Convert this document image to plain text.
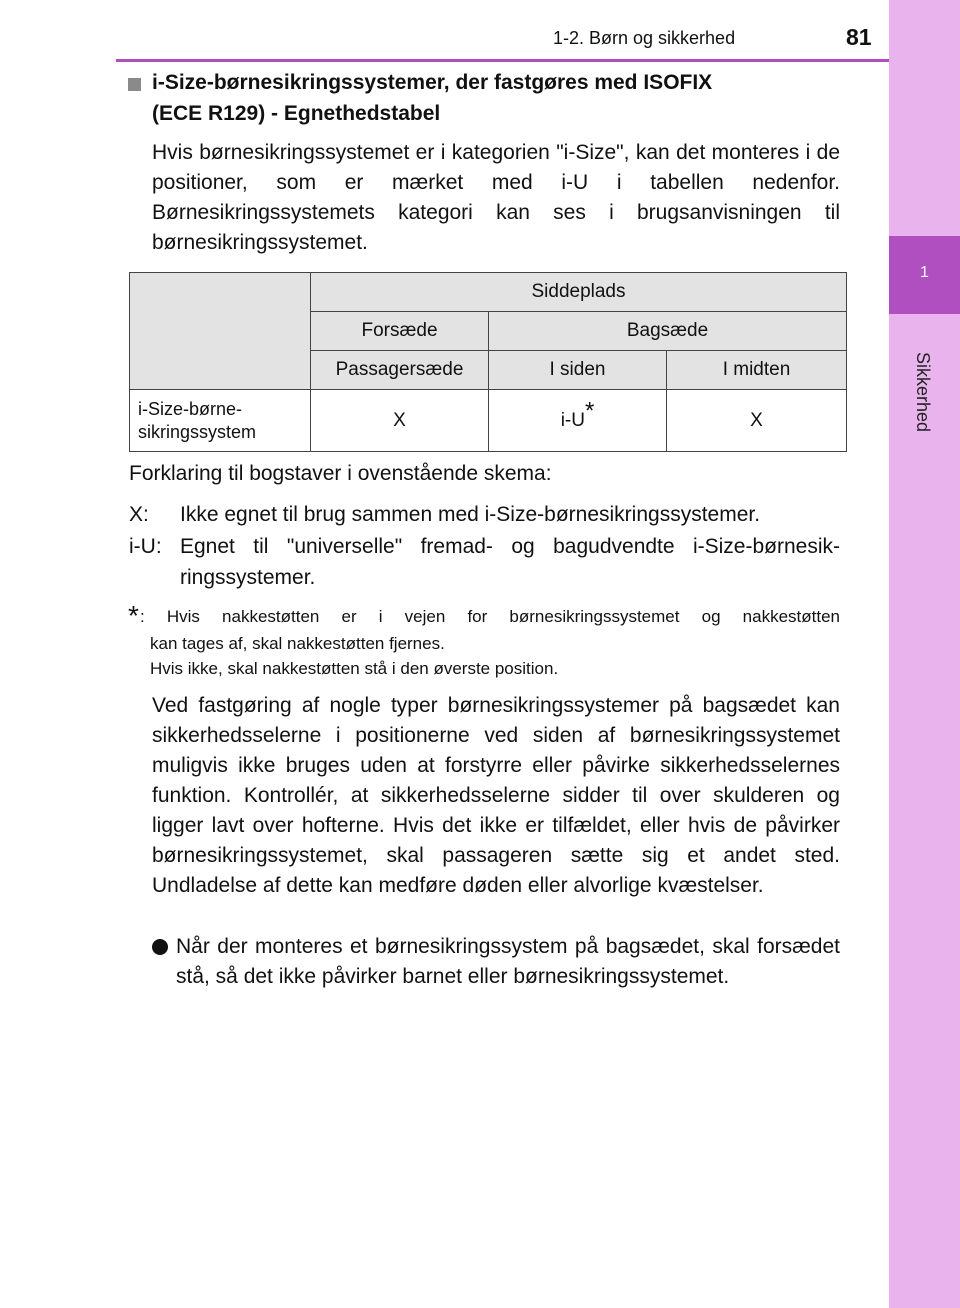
1
Sikkerhed
1-2. Børn og sikkerhed	81
i-Size-børnesikringssystemer, der fastgøres med ISOFIX
(ECE R129) - Egnethedstabel
Hvis børnesikringssystemet er i kategorien "i-Size", kan det monteres i de positioner, som er mærket med i-U i tabellen nedenfor. Børnesikringssystemets kategori kan ses i brugsanvisningen til børnesikringssystemet.
	Siddeplads		
	Forsæde	Bagsæde	
	Passagersæde	I siden	I midten
i-Size-børne-
sikringssystem	X	i-U*	X
Forklaring til bogstaver i ovenstående skema:
X: Ikke egnet til brug sammen med i-Size-børnesikringssystemer.
i-U: Egnet til "universelle" fremad- og bagudvendte i-Size-børnesik-
ringssystemer.
* : Hvis nakkestøtten er i vejen for børnesikringssystemet og nakkestøtten
kan tages af, skal nakkestøtten fjernes.
Hvis ikke, skal nakkestøtten stå i den øverste position.
Ved fastgøring af nogle typer børnesikringssystemer på bagsædet kan sikkerhedsselerne i positionerne ved siden af børnesikringssystemet muligvis ikke bruges uden at forstyrre eller påvirke sikkerhedsselernes funktion. Kontrollér, at sikkerhedsselerne sidder til over skulderen og ligger lavt over hofterne. Hvis det ikke er tilfældet, eller hvis de påvirker børnesikringssystemet, skal passageren sætte sig et andet sted. Undladelse af dette kan medføre døden eller alvorlige kvæstelser.
Når der monteres et børnesikringssystem på bagsædet, skal forsædet stå, så det ikke påvirker barnet eller børnesikringssystemet.
